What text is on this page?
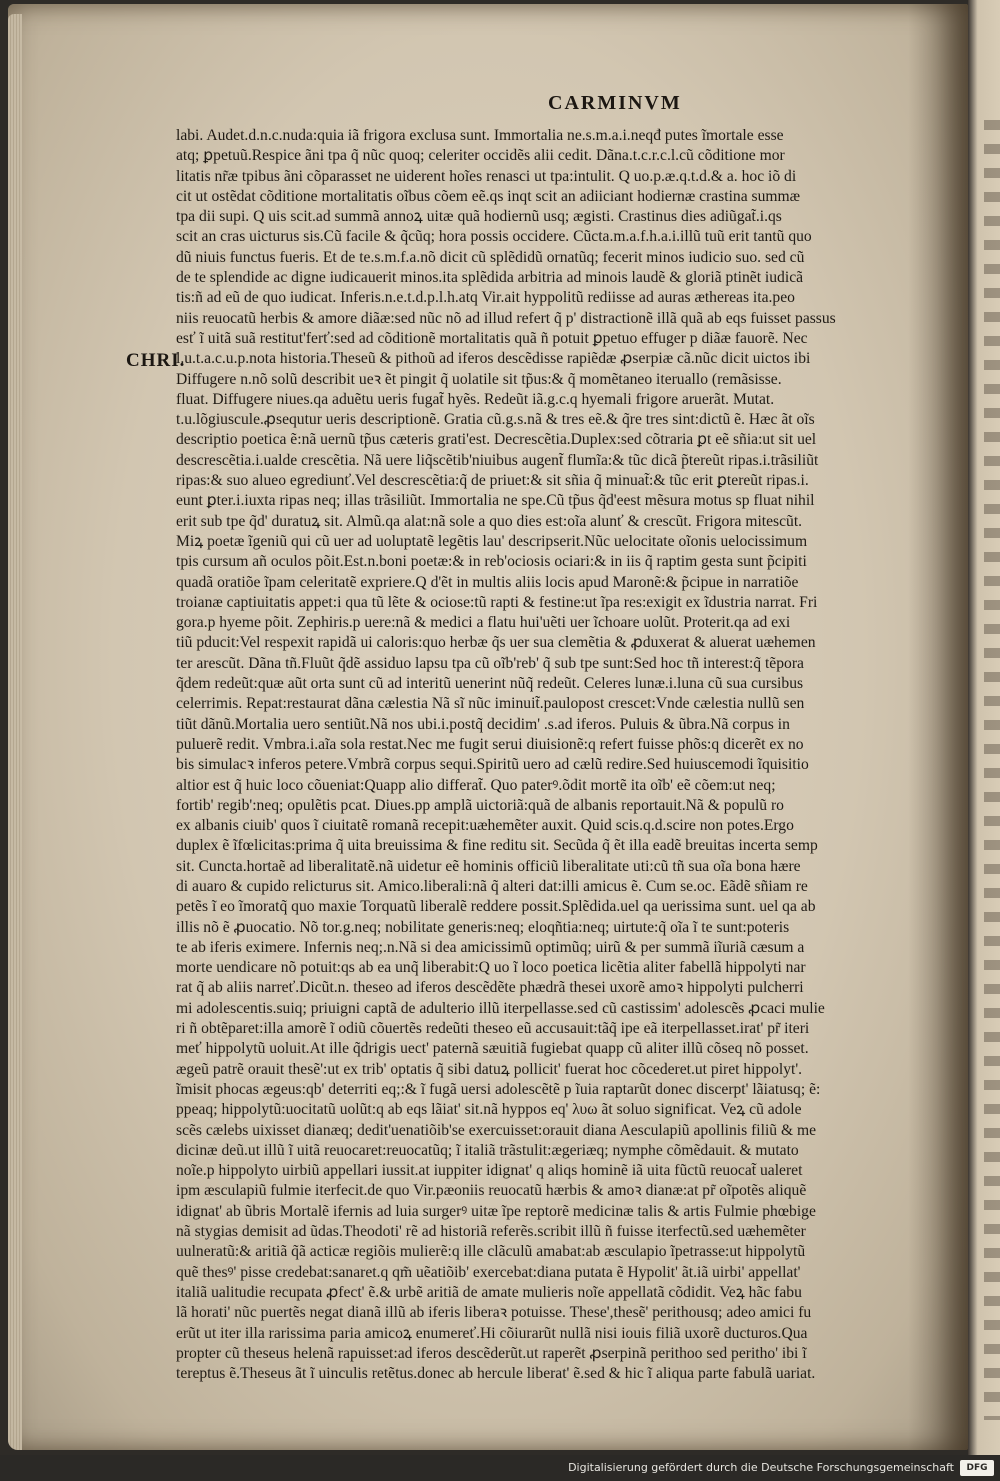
CARMINVM
CHRI.
labi. Audet.d.n.c.nuda:quia iã frigora exclusa sunt. Immortalia ne.s.m.a.i.neqđ putes ĩmortale esse
atq; ꝑpetuũ.Respice ãni tpa q̃ nũc quoq; celeriter occidẽs alii cedit. Dãna.t.c.r.c.l.cũ cõditione mor
litatis nr̃æ tpibus ãni cõparasset ne uiderent hoĩes renasci ut tpa:intulit. Q uo.p.æ.q.t.d.& a. hoc iõ di
cit ut ostẽdat cõditione mortalitatis oĩbus cõem eẽ.qs inqt scit an adiiciant hodiernæ crastina summæ
tpa dii supi. Q uis scit.ad summã annoꝝ uitæ quã hodiernũ usq; ægisti. Crastinus dies adiũgat̃.i.qs
scit an cras uicturus sis.Cũ facile & q̃cũq; hora possis occidere. Cũcta.m.a.f.h.a.i.illũ tuũ erit tantũ quo
dũ niuis functus fueris. Et de te.s.m.f.a.nõ dicit cũ splẽdidũ ornatũq; fecerit minos iudicio suo. sed cũ
de te splendide ac digne iudicauerit minos.ita splẽdida arbitria ad minois laudẽ & gloriã ptinẽt iudicã
tis:ñ ad eũ de quo iudicat. Inferis.n.e.t.d.p.l.h.atq Vir.ait hyppolitũ rediisse ad auras æthereas ita.peo
niis reuocatũ herbis & amore diãæ:sed nũc nõ ad illud refert q̃ p' distractionẽ illã quã ab eqs fuisset passus
esť ĩ uitã suã restitut'ferť:sed ad cõditionẽ mortalitatis quã ñ potuit ꝑpetuo effuger p diãæ fauorẽ. Nec
l.u.t.a.c.u.p.nota historia.Theseũ & pithoũ ad iferos descẽdisse rapiẽdæ ꝓserpiæ cã.nũc dicit uictos ibi
Diffugere n.nõ solũ describit ueꝛ ẽt pingit q̃ uolatile sit tp̃us:& q̃ momẽtaneo iteruallo (remãsisse.
fluat. Diffugere niues.qa aduẽtu ueris fugat̃ hyẽs. Redeũt iã.g.c.q hyemali frigore aruerãt. Mutat.
t.u.lõgiuscule.ꝓsequtur ueris descriptionẽ. Gratia cũ.g.s.nã & tres eẽ.& q̃re tres sint:dictũ ẽ. Hæc ãt oĩs
descriptio poetica ẽ:nã uernũ tp̃us cæteris grati'est. Decrescẽtia.Duplex:sed cõtraria ꝑt eẽ sñia:ut sit uel
descrescẽtia.i.ualde crescẽtia. Nã uere liq̃scẽtib'niuibus augent̃ flumĩa:& tũc dicã p̃tereũt ripas.i.trãsiliũt
ripas:& suo alueo egrediunť.Vel descrescẽtia:q̃ de priuet:& sit sñia q̃ minuat̃:& tũc erit ꝑtereũt ripas.i.
eunt ꝑter.i.iuxta ripas neq; illas trãsiliũt. Immortalia ne spe.Cũ tp̃us q̃d'eest mẽsura motus sp fluat nihil
erit sub tpe q̃d' duratuꝝ sit. Almũ.qa alat:nã sole a quo dies est:oĩa alunť & crescũt. Frigora mitescũt.
Miꝝ poetæ ĩgeniũ qui cũ uer ad uoluptatẽ legẽtis lau' descripserit.Nũc uelocitate oĩonis uelocissimum
tpis cursum añ oculos põit.Est.n.boni poetæ:& in reb'ociosis ociari:& in iis q̃ raptim gesta sunt p̃cipiti
quadã oratiõe ĩpam celeritatẽ expriere.Q d'ẽt in multis aliis locis apud Maronẽ:& p̃cipue in narratiõe
troianæ captiuitatis appet:i qua tũ lẽte & ociose:tũ rapti & festine:ut ĩpa res:exigit ex ĩdustria narrat. Fri
gora.p hyeme põit. Zephiris.p uere:nã & medici a flatu hui'uẽti uer ĩchoare uolũt. Proterit.qa ad exi
tiũ pducit:Vel respexit rapidã ui caloris:quo herbæ q̃s uer sua clemẽtia & ꝓduxerat & aluerat uæhemen
ter arescũt. Dãna tñ.Fluũt q̃dẽ assiduo lapsu tpa cũ oĩb'reb' q̃ sub tpe sunt:Sed hoc tñ interest:q̃ tẽpora
q̃dem redeũt:quæ aũt orta sunt cũ ad interitũ uenerint nũq̃ redeũt. Celeres lunæ.i.luna cũ sua cursibus
celerrimis. Repat:restaurat dãna cælestia Nã sĩ nũc iminuit̃.paulopost crescet:Vnde cælestia nullũ sen
tiũt dãnũ.Mortalia uero sentiũt.Nã nos ubi.i.postq̃ decidim' .s.ad iferos. Puluis & ũbra.Nã corpus in
puluerẽ redit. Vmbra.i.aĩa sola restat.Nec me fugit serui diuisionẽ:q refert fuisse phõs:q dicerẽt ex no
bis simulacꝛ inferos petere.Vmbrã corpus sequi.Spiritũ uero ad cælũ redire.Sed huiuscemodi ĩquisitio
altior est q̃ huic loco cõueniat:Quapp alio differat̃. Quo paterꝰ.õdit mortẽ ita oĩb' eẽ cõem:ut neq;
fortib' regib':neq; opulẽtis pcat. Diues.pp amplã uictoriã:quã de albanis reportauit.Nã & populũ ro
ex albanis ciuib' quos ĩ ciuitatẽ romanã recepit:uæhemẽter auxit. Quid scis.q.d.scire non potes.Ergo
duplex ẽ ĩfœlicitas:prima q̃ uita breuissima & fine reditu sit. Secũda q̃ ẽt illa eadẽ breuitas incerta semp
sit. Cuncta.hortaẽ ad liberalitatẽ.nã uidetur eẽ hominis officiũ liberalitate uti:cũ tñ sua oĩa bona hære
di auaro & cupido relicturus sit. Amico.liberali:nã q̃ alteri dat:illi amicus ẽ. Cum se.oc. Eãdẽ sñiam re
petẽs ĩ eo ĩmoratq̃ quo maxie Torquatũ liberalẽ reddere possit.Splẽdida.uel qa uerissima sunt. uel qa ab
illis nõ ẽ ꝓuocatio. Nõ tor.g.neq; nobilitate generis:neq; eloqñtia:neq; uirtute:q̃ oĩa ĩ te sunt:poteris
te ab iferis eximere. Infernis neq;.n.Nã si dea amicissimũ optimũq; uirũ & per summã iĩuriã cæsum a
morte uendicare nõ potuit:qs ab ea unq̃ liberabit:Q uo ĩ loco poetica licẽtia aliter fabellã hippolyti nar
rat q̃ ab aliis narreť.Dicũt.n. theseo ad iferos descẽdẽte phædrã thesei uxorẽ amoꝛ hippolyti pulcherri
mi adolescentis.suiq; priuigni captã de adulterio illũ iterpellasse.sed cũ castissim' adolescẽs ꝓcaci mulie
ri ñ obtẽparet:illa amorẽ ĩ odiũ cõuertẽs redeũti theseo eũ accusauit:tãq̃ ipe eã iterpellasset.irat' pr̃ iteri
meť hippolytũ uoluit.At ille q̃drigis uect' paternã sæuitiã fugiebat quapp cũ aliter illũ cõseq nõ posset.
ægeũ patrẽ orauit thesẽ':ut ex trib' optatis q̃ sibi datuꝝ pollicit' fuerat hoc cõcederet.ut piret hippolyt'.
ĩmisit phocas ægeus:qb' deterriti eq;:& ĩ fugã uersi adolescẽtẽ p ĩuia raptarũt donec discerpt' lãiatusq; ẽ:
ppeaq; hippolytũ:uocitatũ uolũt:q ab eqs lãiat' sit.nã hyppos eq' λυω ãt soluo significat. Veꝝ cũ adole
scẽs cælebs uixisset dianæq; dedit'uenatiõib'se exercuisset:orauit diana Aesculapiũ apollinis filiũ & me
dicinæ deũ.ut illũ ĩ uitã reuocaret:reuocatũq; ĩ italiã trãstulit:ægeriæq; nymphe cõmẽdauit. & mutato
noĩe.p hippolyto uirbiũ appellari iussit.at iuppiter idignat' q aliqs hominẽ iã uita fũctũ reuocat̃ ualeret
ipm æsculapiũ fulmie iterfecit.de quo Vir.pæoniis reuocatũ hærbis & amoꝛ dianæ:at pr̃ oĩpotẽs aliquẽ
idignat' ab ũbris Mortalẽ ifernis ad luia surgerꝰ uitæ ĩpe reptorẽ medicinæ talis & artis Fulmie phœbige
nã stygias demisit ad ũdas.Theodoti' rẽ ad historiã referẽs.scribit illũ ñ fuisse iterfectũ.sed uæhemẽter
uulneratũ:& aritiã q̃ã acticæ regiõis mulierẽ:q ille clãculũ amabat:ab æsculapio ĩpetrasse:ut hippolytũ
quẽ thesꝰ' pisse credebat:sanaret.q qm̃ uẽatiõib' exercebat:diana putata ẽ Hypolit' ãt.iã uirbi' appellat'
italiã ualitudie recupata ꝓfect' ẽ.& urbẽ aritiã de amate mulieris noĩe appellatã cõdidit. Veꝝ hãc fabu
lã horati' nũc puertẽs negat dianã illũ ab iferis liberaꝛ potuisse. These',thesẽ' perithousq; adeo amici fu
erũt ut iter illa rarissima paria amicoꝝ enumereť.Hi cõiurarũt nullã nisi iouis filiã uxorẽ ducturos.Qua
propter cũ theseus helenã rapuisset:ad iferos descẽderũt.ut raperẽt ꝓserpinã perithoo sed peritho' ibi ĩ
tereptus ẽ.Theseus ãt ĩ uinculis retẽtus.donec ab hercule liberat' ẽ.sed & hic ĩ aliqua parte fabulã uariat.
Digitalisierung gefördert durch die Deutsche Forschungsgemeinschaft	DFG
